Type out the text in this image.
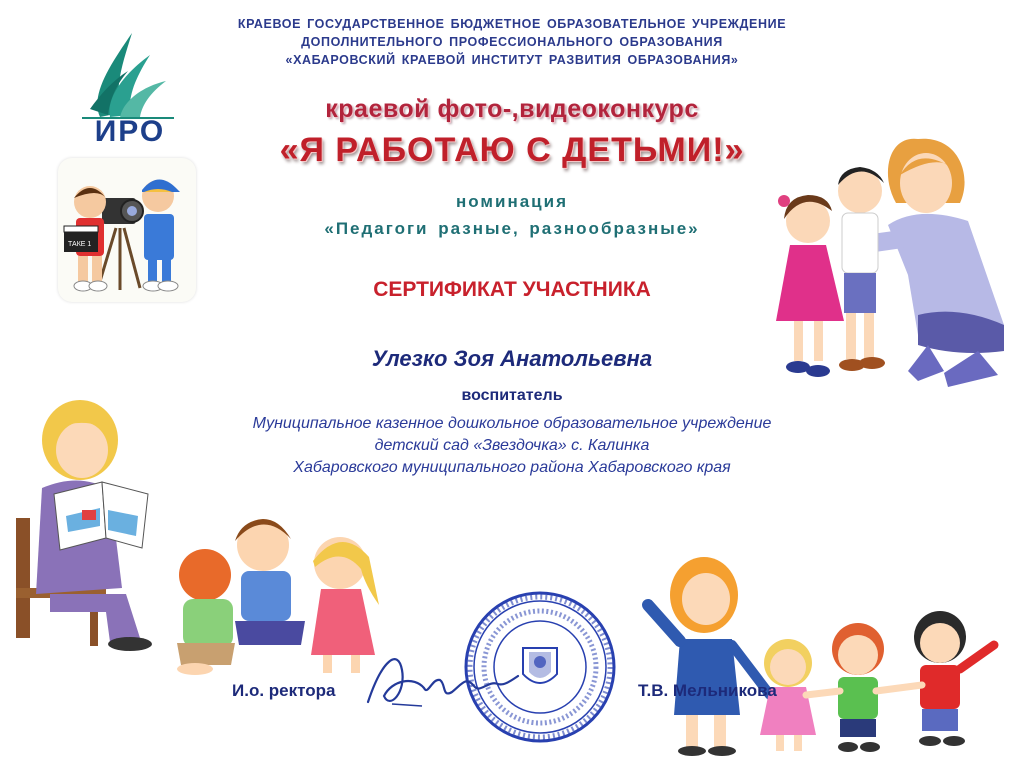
КРАЕВОЕ ГОСУДАРСТВЕННОЕ БЮДЖЕТНОЕ ОБРАЗОВАТЕЛЬНОЕ УЧРЕЖДЕНИЕ
ДОПОЛНИТЕЛЬНОГО ПРОФЕССИОНАЛЬНОГО ОБРАЗОВАНИЯ
«ХАБАРОВСКИЙ КРАЕВОЙ ИНСТИТУТ РАЗВИТИЯ ОБРАЗОВАНИЯ»
ИРО
ТАКЕ 1
краевой фото-,видеоконкурс
«Я РАБОТАЮ С ДЕТЬМИ!»
номинация
«Педагоги разные, разнообразные»
СЕРТИФИКАТ УЧАСТНИКА
Улезко Зоя Анатольевна
воспитатель
Муниципальное казенное дошкольное образовательное учреждение
детский сад «Звездочка» с. Калинка
Хабаровского муниципального района Хабаровского края
И.о. ректора	Т.В. Мельникова
